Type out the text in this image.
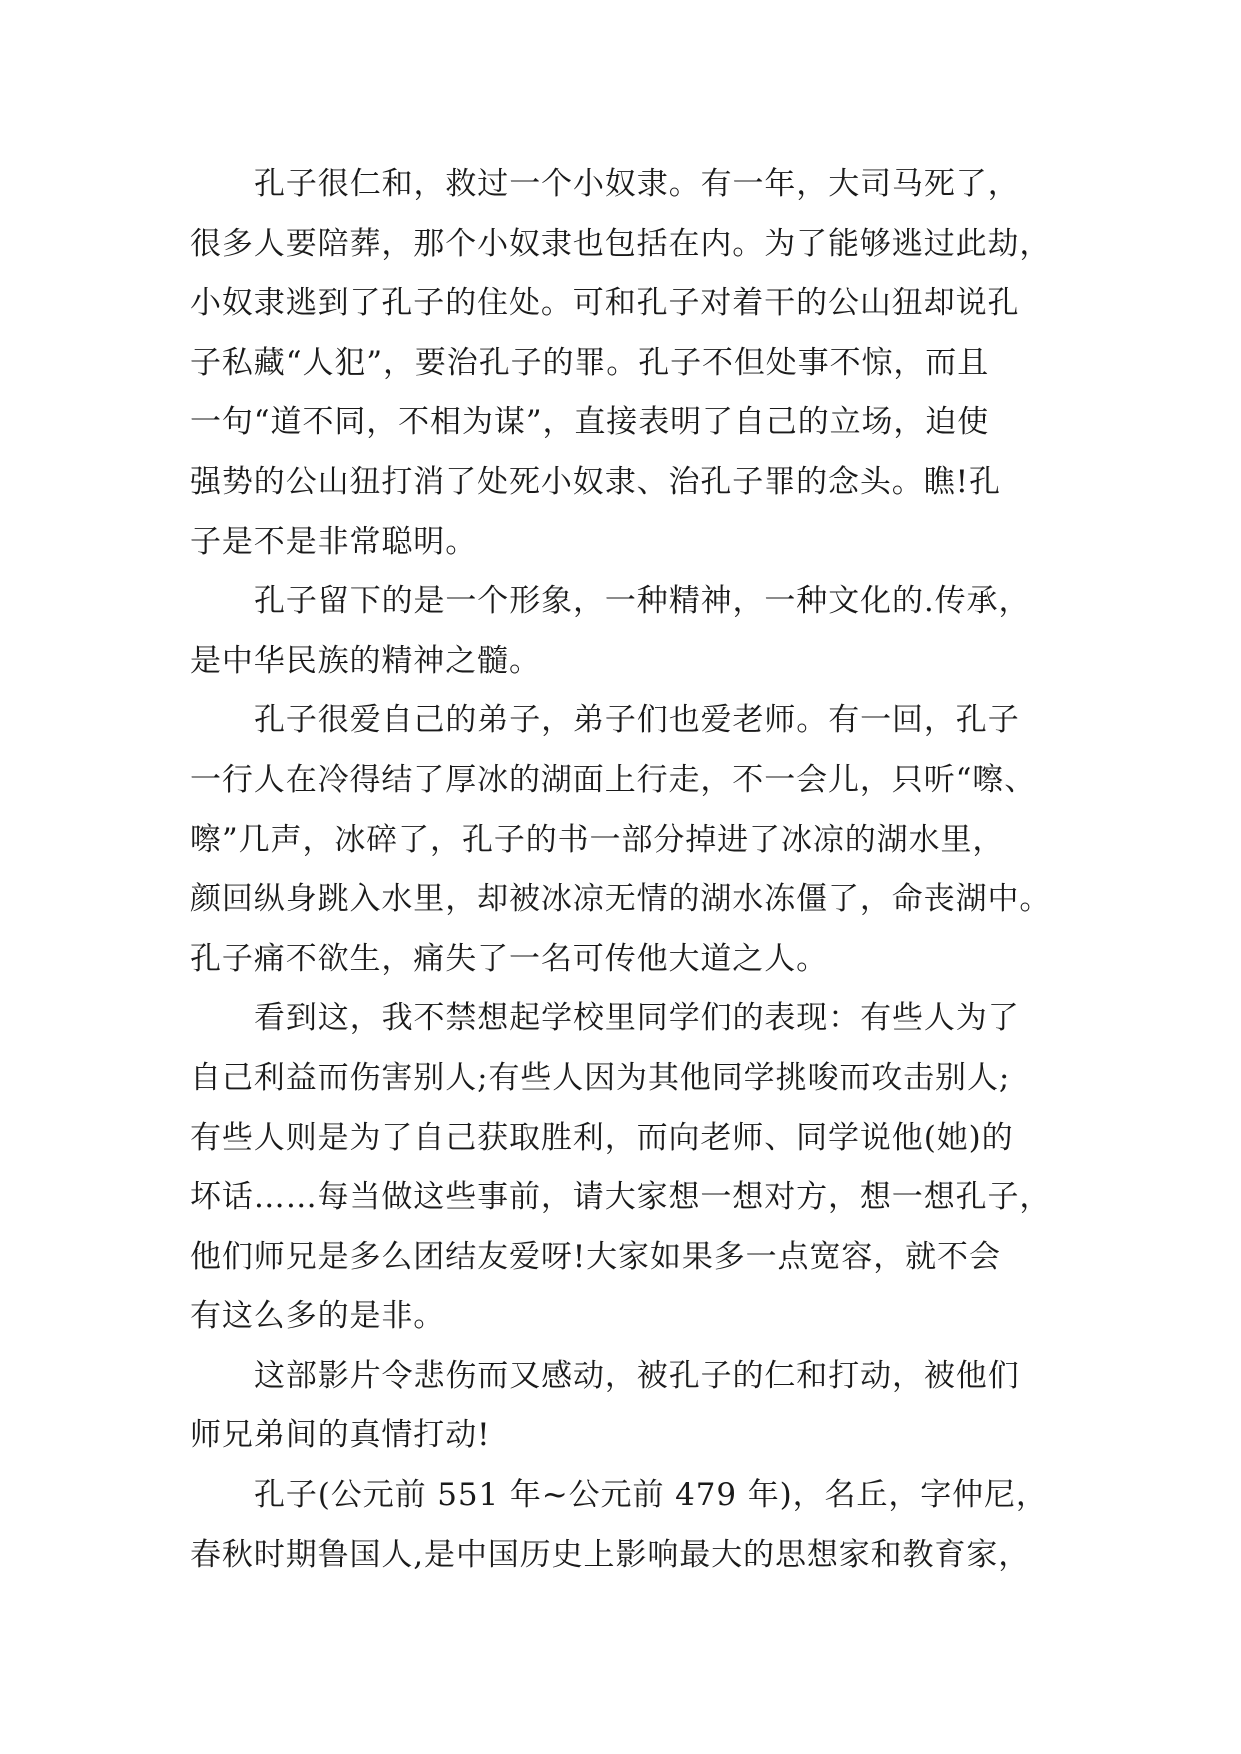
孔子很仁和，救过一个小奴隶。有一年，大司马死了，
很多人要陪葬，那个小奴隶也包括在内。为了能够逃过此劫，
小奴隶逃到了孔子的住处。可和孔子对着干的公山狃却说孔
子私藏“人犯”，要治孔子的罪。孔子不但处事不惊，而且
一句“道不同，不相为谋”，直接表明了自己的立场，迫使
强势的公山狃打消了处死小奴隶、治孔子罪的念头。瞧!孔
子是不是非常聪明。
孔子留下的是一个形象，一种精神，一种文化的.传承，
是中华民族的精神之髓。
孔子很爱自己的弟子，弟子们也爱老师。有一回，孔子
一行人在冷得结了厚冰的湖面上行走，不一会儿，只听“嚓、
嚓”几声，冰碎了，孔子的书一部分掉进了冰凉的湖水里，
颜回纵身跳入水里，却被冰凉无情的湖水冻僵了，命丧湖中。
孔子痛不欲生，痛失了一名可传他大道之人。
看到这，我不禁想起学校里同学们的表现：有些人为了
自己利益而伤害别人;有些人因为其他同学挑唆而攻击别人;
有些人则是为了自己获取胜利，而向老师、同学说他(她)的
坏话……每当做这些事前，请大家想一想对方，想一想孔子，
他们师兄是多么团结友爱呀!大家如果多一点宽容，就不会
有这么多的是非。
这部影片令悲伤而又感动，被孔子的仁和打动，被他们
师兄弟间的真情打动!
孔子(公元前 551 年~公元前 479 年)，名丘，字仲尼，
春秋时期鲁国人,是中国历史上影响最大的思想家和教育家，
